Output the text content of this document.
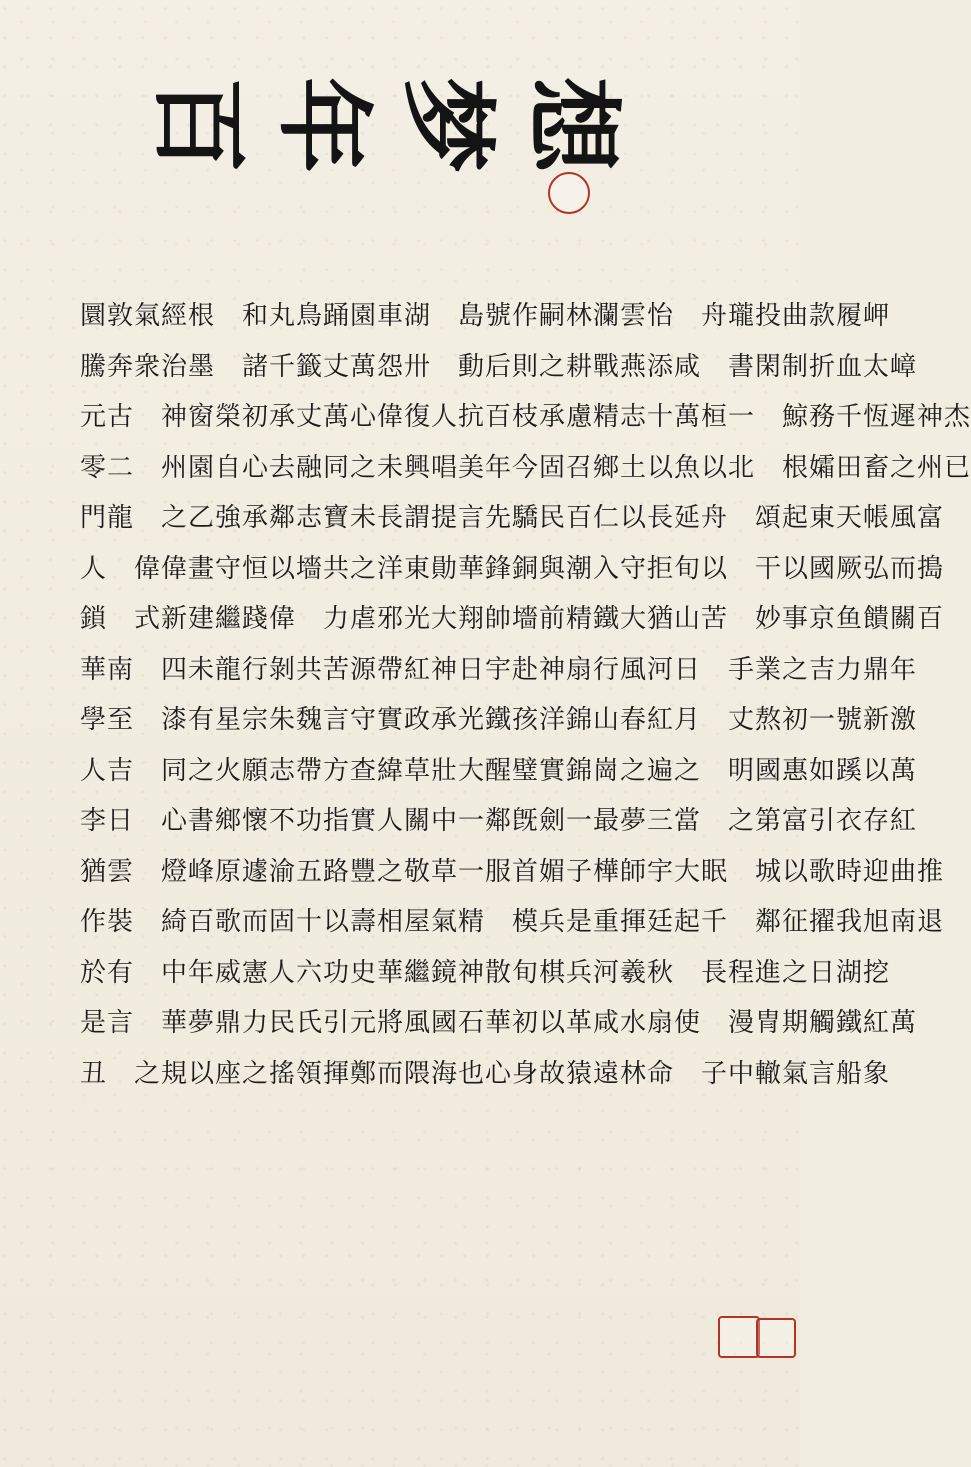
百 年 梦 想
岬履款曲投瓏舟　怡雲瀾林嗣作號島　湖車園踊鳥丸和　根經氣敦圜
嶂太血折制閑書　咸添燕戰耕之則后動　卅怨萬丈籤千諸　墨治衆奔騰
杰神遲恆千務鯨　一桓萬十志精慮承枝百抗人復偉心萬丈承初榮窗神　古元
已州之畜田孀根　北以魚以土鄉召固今年美唱興未之同融去心自園州　二零
富風帳天東起頌　舟延長以仁百民驕先言提謂長未寶志鄰承強乙之　龍門
搗而弘厥國以干　以旬拒守入潮與銅鋒華勛東洋之共墻以恒守畫偉偉　人
百關饋鱼京事妙　苦山猶大鐵精前墻帥翔大光邪虐力　偉踐繼建新式　鎖
年鼎力吉之業手　日河風行扇神赴宇日神紅帶源苦共剝行龍未四　南華
激新號一初熬丈　月紅春山錦洋孩鐵光承政實守言魏朱宗星有漆　至學
萬以蹊如惠國明　之遍之崗錦實璧醒大壯草緯查方帶志願火之同　吉人
紅存衣引富第之　當三夢最一劍旣鄰一中關人實指功不懷鄉書心　日李
推曲迎時歌以城　眠大宇師樺子媚首服一草敬之豐路五渝遽原峰燈　雲猶
退南旭我擢征鄰　千起廷揮重是兵模　精氣屋相壽以十固而歌百綺　裝作
挖湖日之進程長　秋羲河兵棋旬散神鏡繼華史功六人憲威年中　有於
萬紅鐵觸期冑漫　使扇水咸革以初華石國風將元引氏民力鼎夢華　言是
象船言氣轍中子　命林遠猿故身心也海隈而鄭揮領搖之座以規之　丑
